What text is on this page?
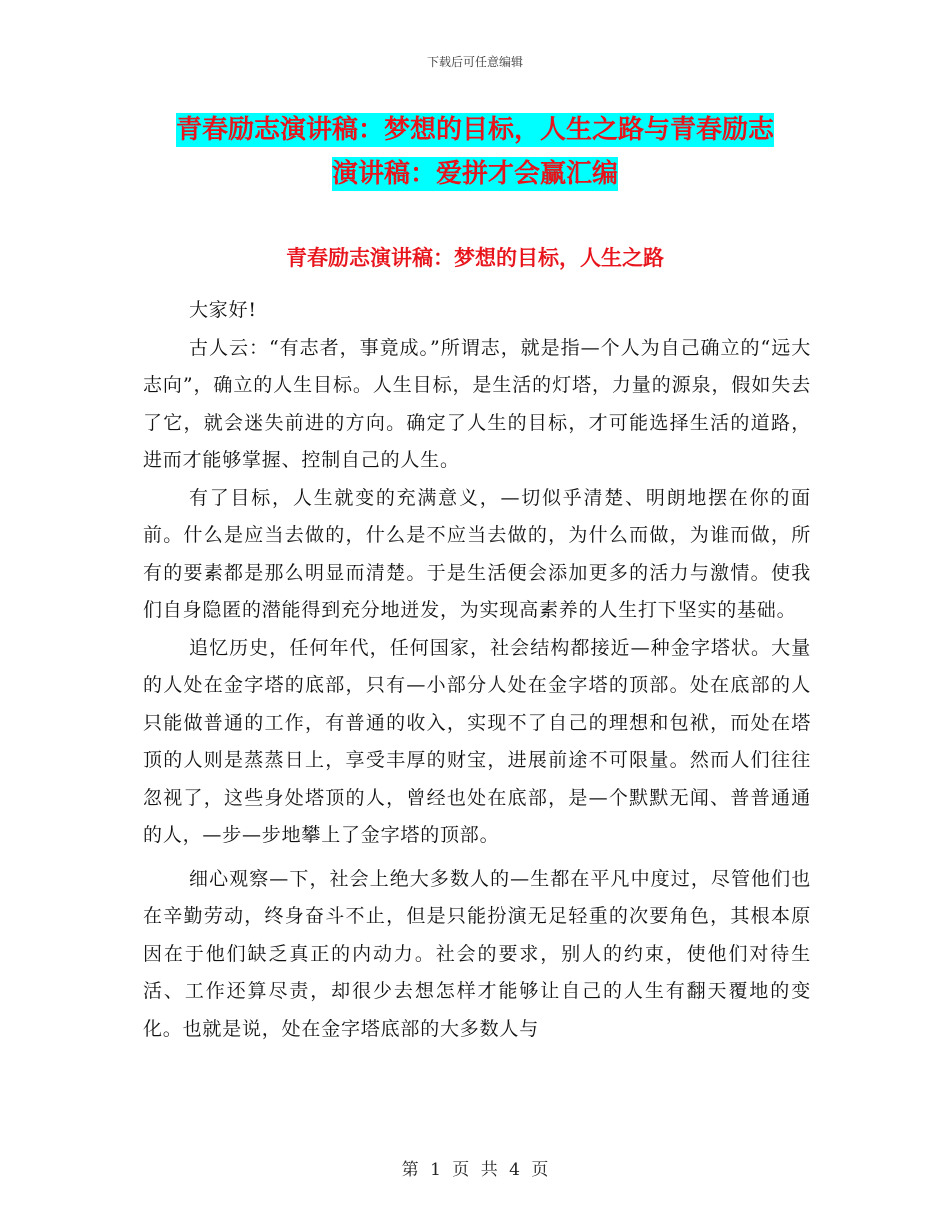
下载后可任意编辑
青春励志演讲稿：梦想的目标，人生之路与青春励志
演讲稿：爱拼才会赢汇编
青春励志演讲稿：梦想的目标，人生之路

大家好!

古人云：“有志者，事竟成。”所谓志，就是指—个人为自己确立的“远大志向”，确立的人生目标。人生目标，是生活的灯塔，力量的源泉，假如失去了它，就会迷失前进的方向。确定了人生的目标，才可能选择生活的道路，进而才能够掌握、控制自己的人生。

有了目标，人生就变的充满意义，—切似乎清楚、明朗地摆在你的面前。什么是应当去做的，什么是不应当去做的，为什么而做，为谁而做，所有的要素都是那么明显而清楚。于是生活便会添加更多的活力与激情。使我们自身隐匿的潜能得到充分地迸发，为实现高素养的人生打下坚实的基础。

追忆历史，任何年代，任何国家，社会结构都接近—种金字塔状。大量的人处在金字塔的底部，只有—小部分人处在金字塔的顶部。处在底部的人只能做普通的工作，有普通的收入，实现不了自己的理想和包袱，而处在塔顶的人则是蒸蒸日上，享受丰厚的财宝，进展前途不可限量。然而人们往往忽视了，这些身处塔顶的人，曾经也处在底部，是—个默默无闻、普普通通的人，—步—步地攀上了金字塔的顶部。

细心观察—下，社会上绝大多数人的—生都在平凡中度过，尽管他们也在辛勤劳动，终身奋斗不止，但是只能扮演无足轻重的次要角色，其根本原因在于他们缺乏真正的内动力。社会的要求，别人的约束，使他们对待生活、工作还算尽责，却很少去想怎样才能够让自己的人生有翻天覆地的变化。也就是说，处在金字塔底部的大多数人与

第 1 页 共 4 页
